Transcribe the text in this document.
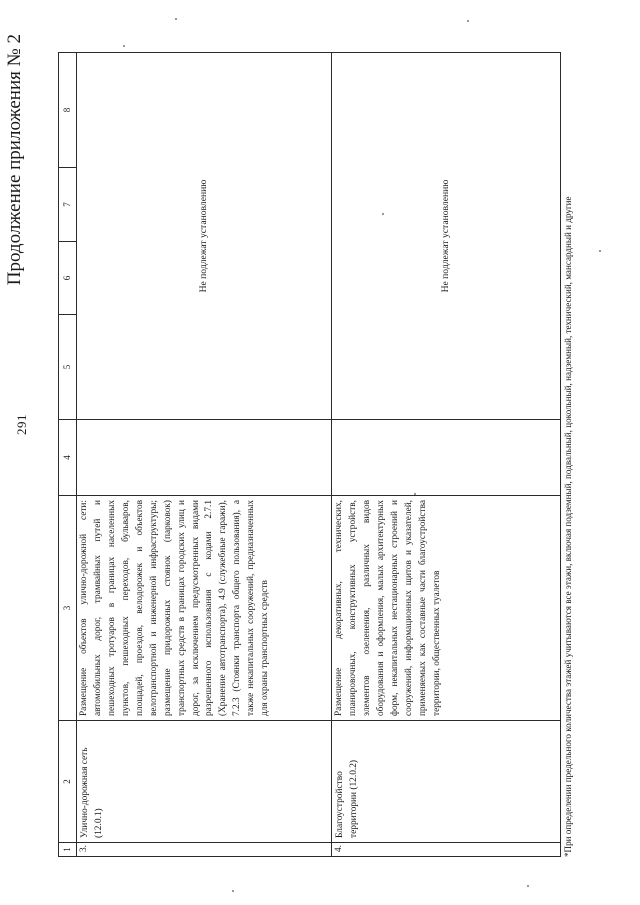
291
Продолжение приложения № 2
1	2	3	4	5	6	7	8
3.	Улично-дорожная сеть (12.0.1)	Размещение объектов улично-дорожной сети: автомобильных дорог, трамвайных путей и пешеходных тротуаров в границах населенных пунктов, пешеходных переходов, бульваров, площадей, проездов, велодорожек и объектов велотранспортной и инженерной инфраструктуры; размещение придорожных стоянок (парковок) транспортных средств в границах городских улиц и дорог, за исключением предусмотренных видами разрешенного использования с кодами 2.7.1 (Хранение автотранспорта), 4.9 (служебные гаражи), 7.2.3 (Стоянки транспорта общего пользования), а также некапитальных сооружений, предназначенных для охраны транспортных средств		Не подлежат установлению			
4.	Благоустройство территории (12.0.2)	Размещение декоративных, технических, планировочных, конструктивных устройств, элементов озеленения, различных видов оборудования и оформления, малых архитектурных форм, некапитальных нестационарных строений и сооружений, информационных щитов и указателей, применяемых как составные части благоустройства территории, общественных туалетов		Не подлежат установлению				*При определении предельного количества этажей учитываются все этажи, включая подземный, подвальный, цокольный, надземный, технический, мансардный и другие
